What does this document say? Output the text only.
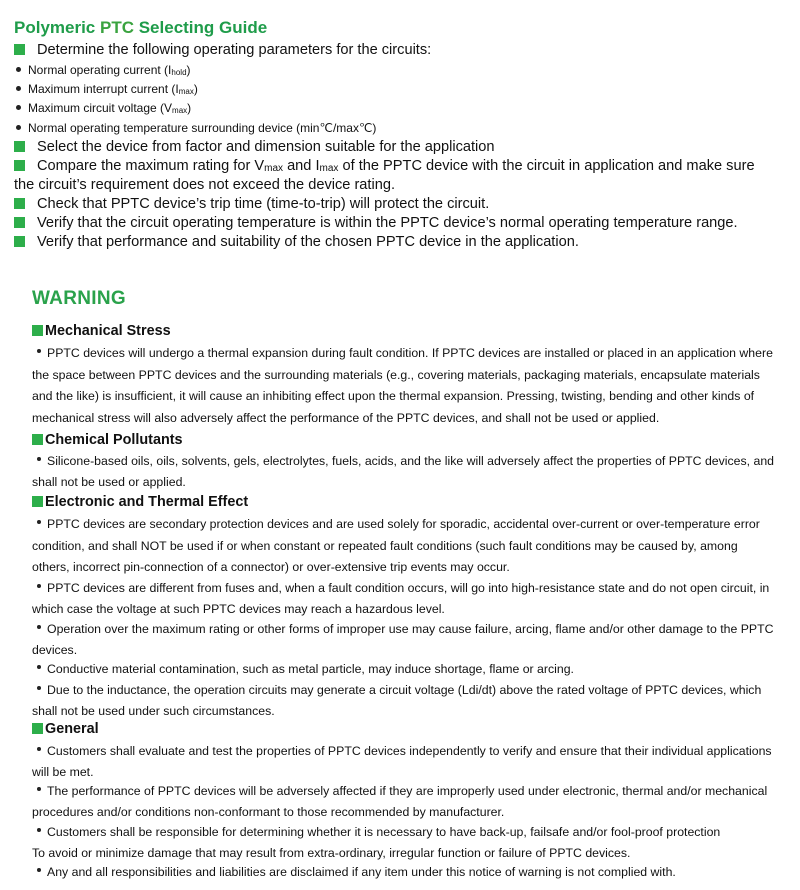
Polymeric PTC Selecting Guide

Determine the following operating parameters for the circuits:

Normal operating current (Ihold)

Maximum interrupt current (Imax)

Maximum circuit voltage (Vmax)

Normal operating temperature surrounding device (min℃/max℃)

Select the device from factor and dimension suitable for the application

Compare the maximum rating for Vmax and Imax of the PPTC device with the circuit in application and make sure

the circuit’s requirement does not exceed the device rating.

Check that PPTC device’s trip time (time-to-trip) will protect the circuit.

Verify that the circuit operating temperature is within the PPTC device’s normal operating temperature range.

Verify that performance and suitability of the chosen PPTC device in the application.

WARNING
Mechanical Stress

PPTC devices will undergo a thermal expansion during fault condition. If PPTC devices are installed or placed in an application where the space between PPTC devices and the surrounding materials (e.g., covering materials, packaging materials, encapsulate materials and the like) is insufficient, it will cause an inhibiting effect upon the thermal expansion. Pressing, twisting, bending and other kinds of mechanical stress will also adversely affect the performance of the PPTC devices, and shall not be used or applied.

Chemical Pollutants

Silicone-based oils, oils, solvents, gels, electrolytes, fuels, acids, and the like will adversely affect the properties of PPTC devices, and shall not be used or applied.

Electronic and Thermal Effect

PPTC devices are secondary protection devices and are used solely for sporadic, accidental over-current or over-temperature error condition, and shall NOT be used if or when constant or repeated fault conditions (such fault conditions may be caused by, among others, incorrect pin-connection of a connector) or over-extensive trip events may occur.

PPTC devices are different from fuses and, when a fault condition occurs, will go into high-resistance state and do not open circuit, in which case the voltage at such PPTC devices may reach a hazardous level.

Operation over the maximum rating or other forms of improper use may cause failure, arcing, flame and/or other damage to the PPTC devices.

Conductive material contamination, such as metal particle, may induce shortage, flame or arcing.

Due to the inductance, the operation circuits may generate a circuit voltage (Ldi/dt) above the rated voltage of PPTC devices, which shall not be used under such circumstances.

General

Customers shall evaluate and test the properties of PPTC devices independently to verify and ensure that their individual applications will be met.

The performance of PPTC devices will be adversely affected if they are improperly used under electronic, thermal and/or mechanical procedures and/or conditions non-conformant to those recommended by manufacturer.

Customers shall be responsible for determining whether it is necessary to have back-up, failsafe and/or fool-proof protection
To avoid or minimize damage that may result from extra-ordinary, irregular function or failure of PPTC devices.

Any and all responsibilities and liabilities are disclaimed if any item under this notice of warning is not complied with.
